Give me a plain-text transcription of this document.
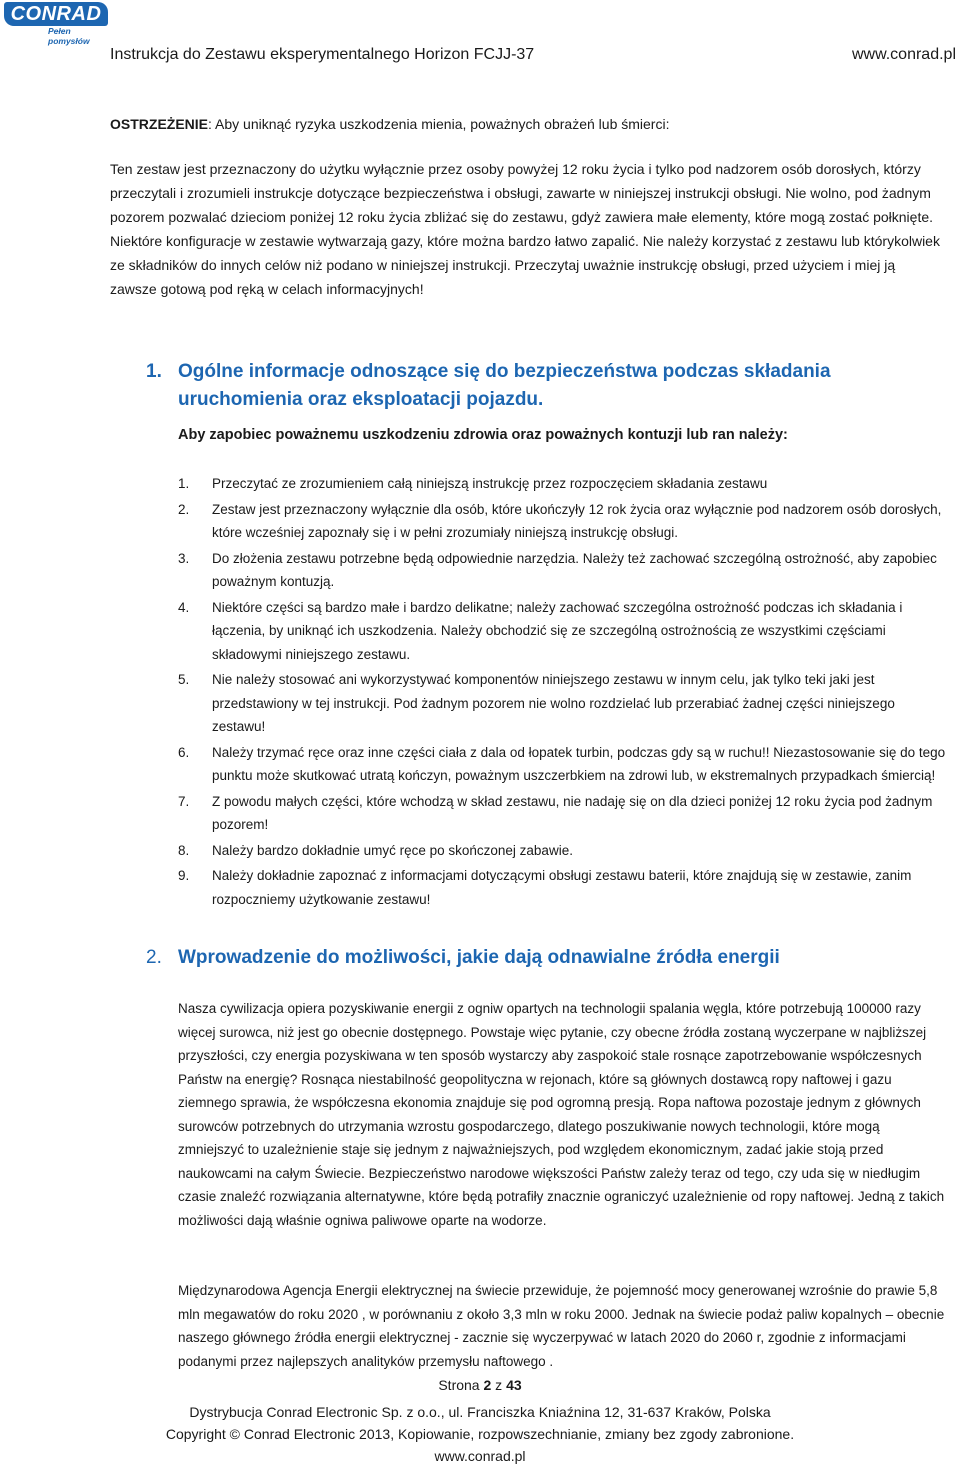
CONRAD
Pełen pomysłów
Instrukcja do Zestawu eksperymentalnego Horizon FCJJ-37	www.conrad.pl
OSTRZEŻENIE: Aby uniknąć ryzyka uszkodzenia mienia, poważnych obrażeń lub śmierci:
Ten zestaw jest przeznaczony do użytku wyłącznie przez osoby powyżej 12 roku życia i tylko pod nadzorem osób dorosłych, którzy przeczytali i zrozumieli instrukcje dotyczące bezpieczeństwa i obsługi, zawarte w niniejszej instrukcji obsługi. Nie wolno, pod żadnym pozorem pozwalać dzieciom poniżej 12 roku życia zbliżać się do zestawu, gdyż zawiera małe elementy, które mogą zostać połknięte. Niektóre konfiguracje w zestawie wytwarzają gazy, które można bardzo łatwo zapalić. Nie należy korzystać z zestawu lub którykolwiek ze składników do innych celów niż podano w niniejszej instrukcji. Przeczytaj uważnie instrukcję obsługi, przed użyciem i miej ją zawsze gotową pod ręką w celach informacyjnych!
1. Ogólne informacje odnoszące się do bezpieczeństwa podczas składania uruchomienia oraz eksploatacji pojazdu.
Aby zapobiec poważnemu uszkodzeniu zdrowia oraz poważnych kontuzji lub ran należy:
1. Przeczytać ze zrozumieniem całą niniejszą instrukcję przez rozpoczęciem składania zestawu
2. Zestaw jest przeznaczony wyłącznie dla osób, które ukończyły 12 rok życia oraz wyłącznie pod nadzorem osób dorosłych, które wcześniej zapoznały się i w pełni zrozumiały niniejszą instrukcję obsługi.
3. Do złożenia zestawu potrzebne będą odpowiednie narzędzia. Należy też zachować szczególną ostrożność, aby zapobiec poważnym kontuzją.
4. Niektóre części są bardzo małe i bardzo delikatne; należy zachować szczególna ostrożność podczas ich składania i łączenia, by uniknąć ich uszkodzenia. Należy obchodzić się ze szczególną ostrożnością ze wszystkimi częściami składowymi niniejszego zestawu.
5. Nie należy stosować ani wykorzystywać komponentów niniejszego zestawu w innym celu, jak tylko teki jaki jest przedstawiony w tej instrukcji. Pod żadnym pozorem nie wolno rozdzielać lub przerabiać żadnej części niniejszego zestawu!
6. Należy trzymać ręce oraz inne części ciała z dala od łopatek turbin, podczas gdy są w ruchu!! Niezastosowanie się do tego punktu może skutkować utratą kończyn, poważnym uszczerbkiem na zdrowi lub, w ekstremalnych przypadkach śmiercią!
7. Z powodu małych części, które wchodzą w skład zestawu, nie nadaję się on dla dzieci poniżej 12 roku życia pod żadnym pozorem!
8. Należy bardzo dokładnie umyć ręce po skończonej zabawie.
9. Należy dokładnie zapoznać z informacjami dotyczącymi obsługi zestawu baterii, które znajdują się w zestawie, zanim rozpoczniemy użytkowanie zestawu!
2. Wprowadzenie do możliwości, jakie dają odnawialne źródła energii
Nasza cywilizacja opiera pozyskiwanie energii z ogniw opartych na technologii spalania węgla, które potrzebują 100000 razy więcej surowca, niż jest go obecnie dostępnego. Powstaje więc pytanie, czy obecne źródła zostaną wyczerpane w najbliższej przyszłości, czy energia pozyskiwana w ten sposób wystarczy aby zaspokoić stale rosnące zapotrzebowanie współczesnych Państw na energię? Rosnąca niestabilność geopolityczna w rejonach, które są głównych dostawcą ropy naftowej i gazu ziemnego sprawia, że współczesna ekonomia znajduje się pod ogromną presją. Ropa naftowa pozostaje jednym z głównych surowców potrzebnych do utrzymania wzrostu gospodarczego, dlatego poszukiwanie nowych technologii, które mogą zmniejszyć to uzależnienie staje się jednym z najważniejszych, pod względem ekonomicznym, zadać jakie stoją przed naukowcami na całym Świecie. Bezpieczeństwo narodowe większości Państw zależy teraz od tego, czy uda się w niedługim czasie znaleźć rozwiązania alternatywne, które będą potrafiły znacznie ograniczyć uzależnienie od ropy naftowej. Jedną z takich możliwości dają właśnie ogniwa paliwowe oparte na wodorze.
Międzynarodowa Agencja Energii elektrycznej na świecie przewiduje, że pojemność mocy generowanej wzrośnie do prawie 5,8 mln megawatów do roku 2020 , w porównaniu z około 3,3 mln w roku 2000. Jednak na świecie podaż paliw kopalnych – obecnie naszego głównego źródła energii elektrycznej - zacznie się wyczerpywać w latach 2020 do 2060 r, zgodnie z informacjami podanymi przez najlepszych analityków przemysłu naftowego .
Strona 2 z 43
Dystrybucja Conrad Electronic Sp. z o.o., ul. Franciszka Kniaźnina 12, 31-637 Kraków, Polska
Copyright © Conrad Electronic 2013, Kopiowanie, rozpowszechnianie, zmiany bez zgody zabronione.
www.conrad.pl
